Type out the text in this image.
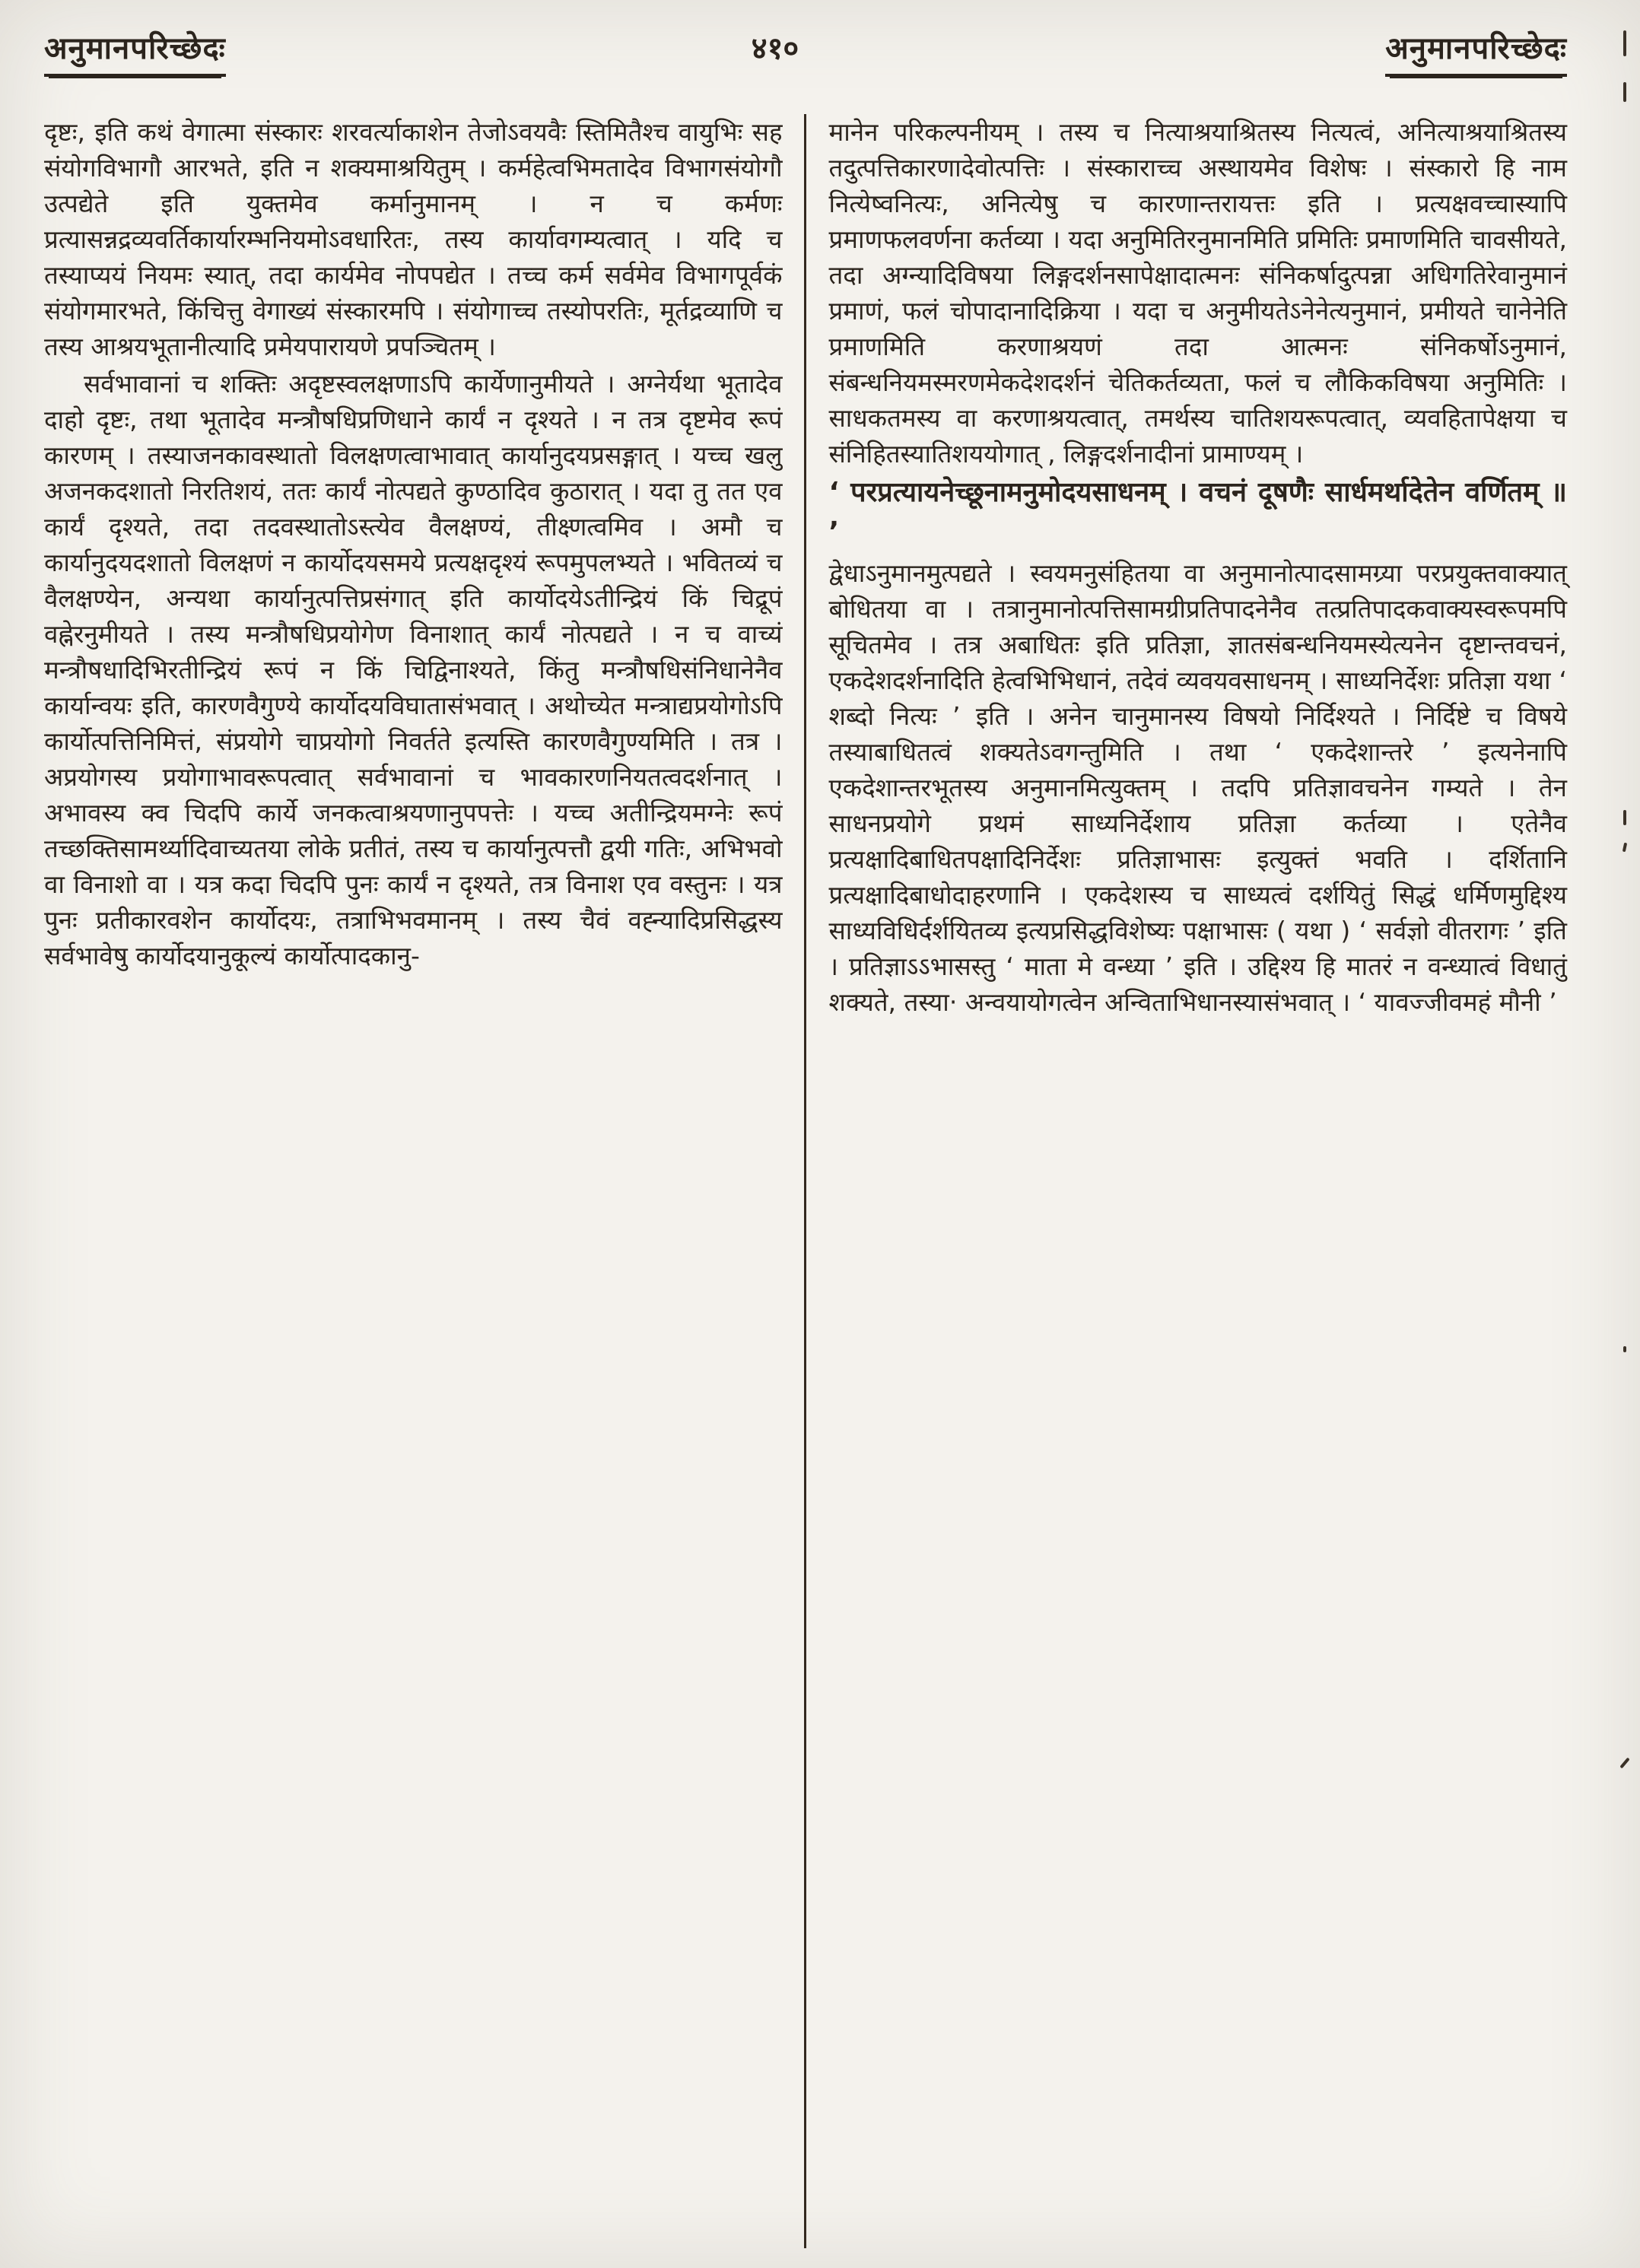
अनुमानपरिच्छेदः	४१०	अनुमानपरिच्छेदः

दृष्टः, इति कथं वेगात्मा संस्कारः शरवर्त्याकाशेन तेजोऽवयवैः स्तिमितैश्च वायुभिः सह संयोगविभागौ आरभते, इति न शक्यमाश्रयितुम् । कर्महेत्वभिमतादेव विभागसंयोगौ उत्पद्येते इति युक्तमेव कर्मानुमानम् । न च कर्मणः प्रत्यासन्नद्रव्यवर्तिकार्यारम्भनियमोऽवधारितः, तस्य कार्यावगम्यत्वात् । यदि च तस्याप्ययं नियमः स्यात्, तदा कार्यमेव नोपपद्येत । तच्च कर्म सर्वमेव विभागपूर्वकं संयोगमारभते, किंचित्तु वेगाख्यं संस्कारमपि । संयोगाच्च तस्योपरतिः, मूर्तद्रव्याणि च तस्य आश्रयभूतानीत्यादि प्रमेयपारायणे प्रपञ्चितम् ।

सर्वभावानां च शक्तिः अदृष्टस्वलक्षणाऽपि कार्येणानुमीयते । अग्नेर्यथा भूतादेव दाहो दृष्टः, तथा भूतादेव मन्त्रौषधिप्रणिधाने कार्यं न दृश्यते । न तत्र दृष्टमेव रूपं कारणम् । तस्याजनकावस्थातो विलक्षणत्वाभावात् कार्यानुदयप्रसङ्गात् । यच्च खलु अजनकदशातो निरतिशयं, ततः कार्यं नोत्पद्यते कुण्ठादिव कुठारात् । यदा तु तत एव कार्यं दृश्यते, तदा तदवस्थातोऽस्त्येव वैलक्षण्यं, तीक्ष्णत्वमिव । अमौ च कार्यानुदयदशातो विलक्षणं न कार्योदयसमये प्रत्यक्षदृश्यं रूपमुपलभ्यते । भवितव्यं च वैलक्षण्येन, अन्यथा कार्यानुत्पत्तिप्रसंगात् इति कार्योदयेऽतीन्द्रियं किं चिद्रूपं वह्नेरनुमीयते । तस्य मन्त्रौषधिप्रयोगेण विनाशात् कार्यं नोत्पद्यते । न च वाच्यं मन्त्रौषधादिभिरतीन्द्रियं रूपं न किं चिद्विनाश्यते, किंतु मन्त्रौषधिसंनिधानेनैव कार्यान्वयः इति, कारणवैगुण्ये कार्योदयविघातासंभवात् । अथोच्येत मन्त्राद्यप्रयोगोऽपि कार्योत्पत्तिनिमित्तं, संप्रयोगे चाप्रयोगो निवर्तते इत्यस्ति कारणवैगुण्यमिति । तत्र । अप्रयोगस्य प्रयोगाभावरूपत्वात् सर्वभावानां च भावकारणनियतत्वदर्शनात् । अभावस्य क्व चिदपि कार्ये जनकत्वाश्रयणानुपपत्तेः । यच्च अतीन्द्रियमग्नेः रूपं तच्छक्तिसामर्थ्यादिवाच्यतया लोके प्रतीतं, तस्य च कार्यानुत्पत्तौ द्वयी गतिः, अभिभवो वा विनाशो वा । यत्र कदा चिदपि पुनः कार्यं न दृश्यते, तत्र विनाश एव वस्तुनः । यत्र पुनः प्रतीकारवशेन कार्योदयः, तत्राभिभवमानम् । तस्य चैवं वह्न्यादिप्रसिद्धस्य सर्वभावेषु कार्योदयानुकूल्यं कार्योत्पादकानु-

मानेन परिकल्पनीयम् । तस्य च नित्याश्रयाश्रितस्य नित्यत्वं, अनित्याश्रयाश्रितस्य तदुत्पत्तिकारणादेवोत्पत्तिः । संस्काराच्च अस्थायमेव विशेषः । संस्कारो हि नाम नित्येष्वनित्यः, अनित्येषु च कारणान्तरायत्तः इति । प्रत्यक्षवच्चास्यापि प्रमाणफलवर्णना कर्तव्या । यदा अनुमितिरनुमानमिति प्रमितिः प्रमाणमिति चावसीयते, तदा अग्न्यादिविषया लिङ्गदर्शनसापेक्षादात्मनः संनिकर्षादुत्पन्ना अधिगतिरेवानुमानं प्रमाणं, फलं चोपादानादिक्रिया । यदा च अनुमीयतेऽनेनेत्यनुमानं, प्रमीयते चानेनेति प्रमाणमिति करणाश्रयणं तदा आत्मनः संनिकर्षोऽनुमानं, संबन्धनियमस्मरणमेकदेशदर्शनं चेतिकर्तव्यता, फलं च लौकिकविषया अनुमितिः । साधकतमस्य वा करणाश्रयत्वात्, तमर्थस्य चातिशयरूपत्वात्, व्यवहितापेक्षया च संनिहितस्यातिशययोगात् , लिङ्गदर्शनादीनां प्रामाण्यम् ।

‘ परप्रत्यायनेच्छूनामनुमोदयसाधनम् । वचनं दूषणैः सार्धमर्थादेतेन वर्णितम् ॥ ’

द्वेधाऽनुमानमुत्पद्यते । स्वयमनुसंहितया वा अनुमानोत्पादसामग्र्या परप्रयुक्तवाक्यात् बोधितया वा । तत्रानुमानोत्पत्तिसामग्रीप्रतिपादनेनैव तत्प्रतिपादकवाक्यस्वरूपमपि सूचितमेव । तत्र अबाधितः इति प्रतिज्ञा, ज्ञातसंबन्धनियमस्येत्यनेन दृष्टान्तवचनं, एकदेशदर्शनादिति हेत्वभिभिधानं, तदेवं व्यवयवसाधनम् । साध्यनिर्देशः प्रतिज्ञा यथा ‘ शब्दो नित्यः ’ इति । अनेन चानुमानस्य विषयो निर्दिश्यते । निर्दिष्टे च विषये तस्याबाधितत्वं शक्यतेऽवगन्तुमिति । तथा ‘ एकदेशान्तरे ’ इत्यनेनापि एकदेशान्तरभूतस्य अनुमानमित्युक्तम् । तदपि प्रतिज्ञावचनेन गम्यते । तेन साधनप्रयोगे प्रथमं साध्यनिर्देशाय प्रतिज्ञा कर्तव्या । एतेनैव प्रत्यक्षादिबाधितपक्षादिनिर्देशः प्रतिज्ञाभासः इत्युक्तं भवति । दर्शितानि प्रत्यक्षादिबाधोदाहरणानि । एकदेशस्य च साध्यत्वं दर्शयितुं सिद्धं धर्मिणमुद्दिश्य साध्यविधिर्दर्शयितव्य इत्यप्रसिद्धविशेष्यः पक्षाभासः ( यथा ) ‘ सर्वज्ञो वीतरागः ’ इति । प्रतिज्ञाऽऽभासस्तु ‘ माता मे वन्ध्या ’ इति । उद्दिश्य हि मातरं न वन्ध्यात्वं विधातुं शक्यते, तस्या· अन्वयायोगत्वेन अन्विताभिधानस्यासंभवात् । ‘ यावज्जीवमहं मौनी ’
